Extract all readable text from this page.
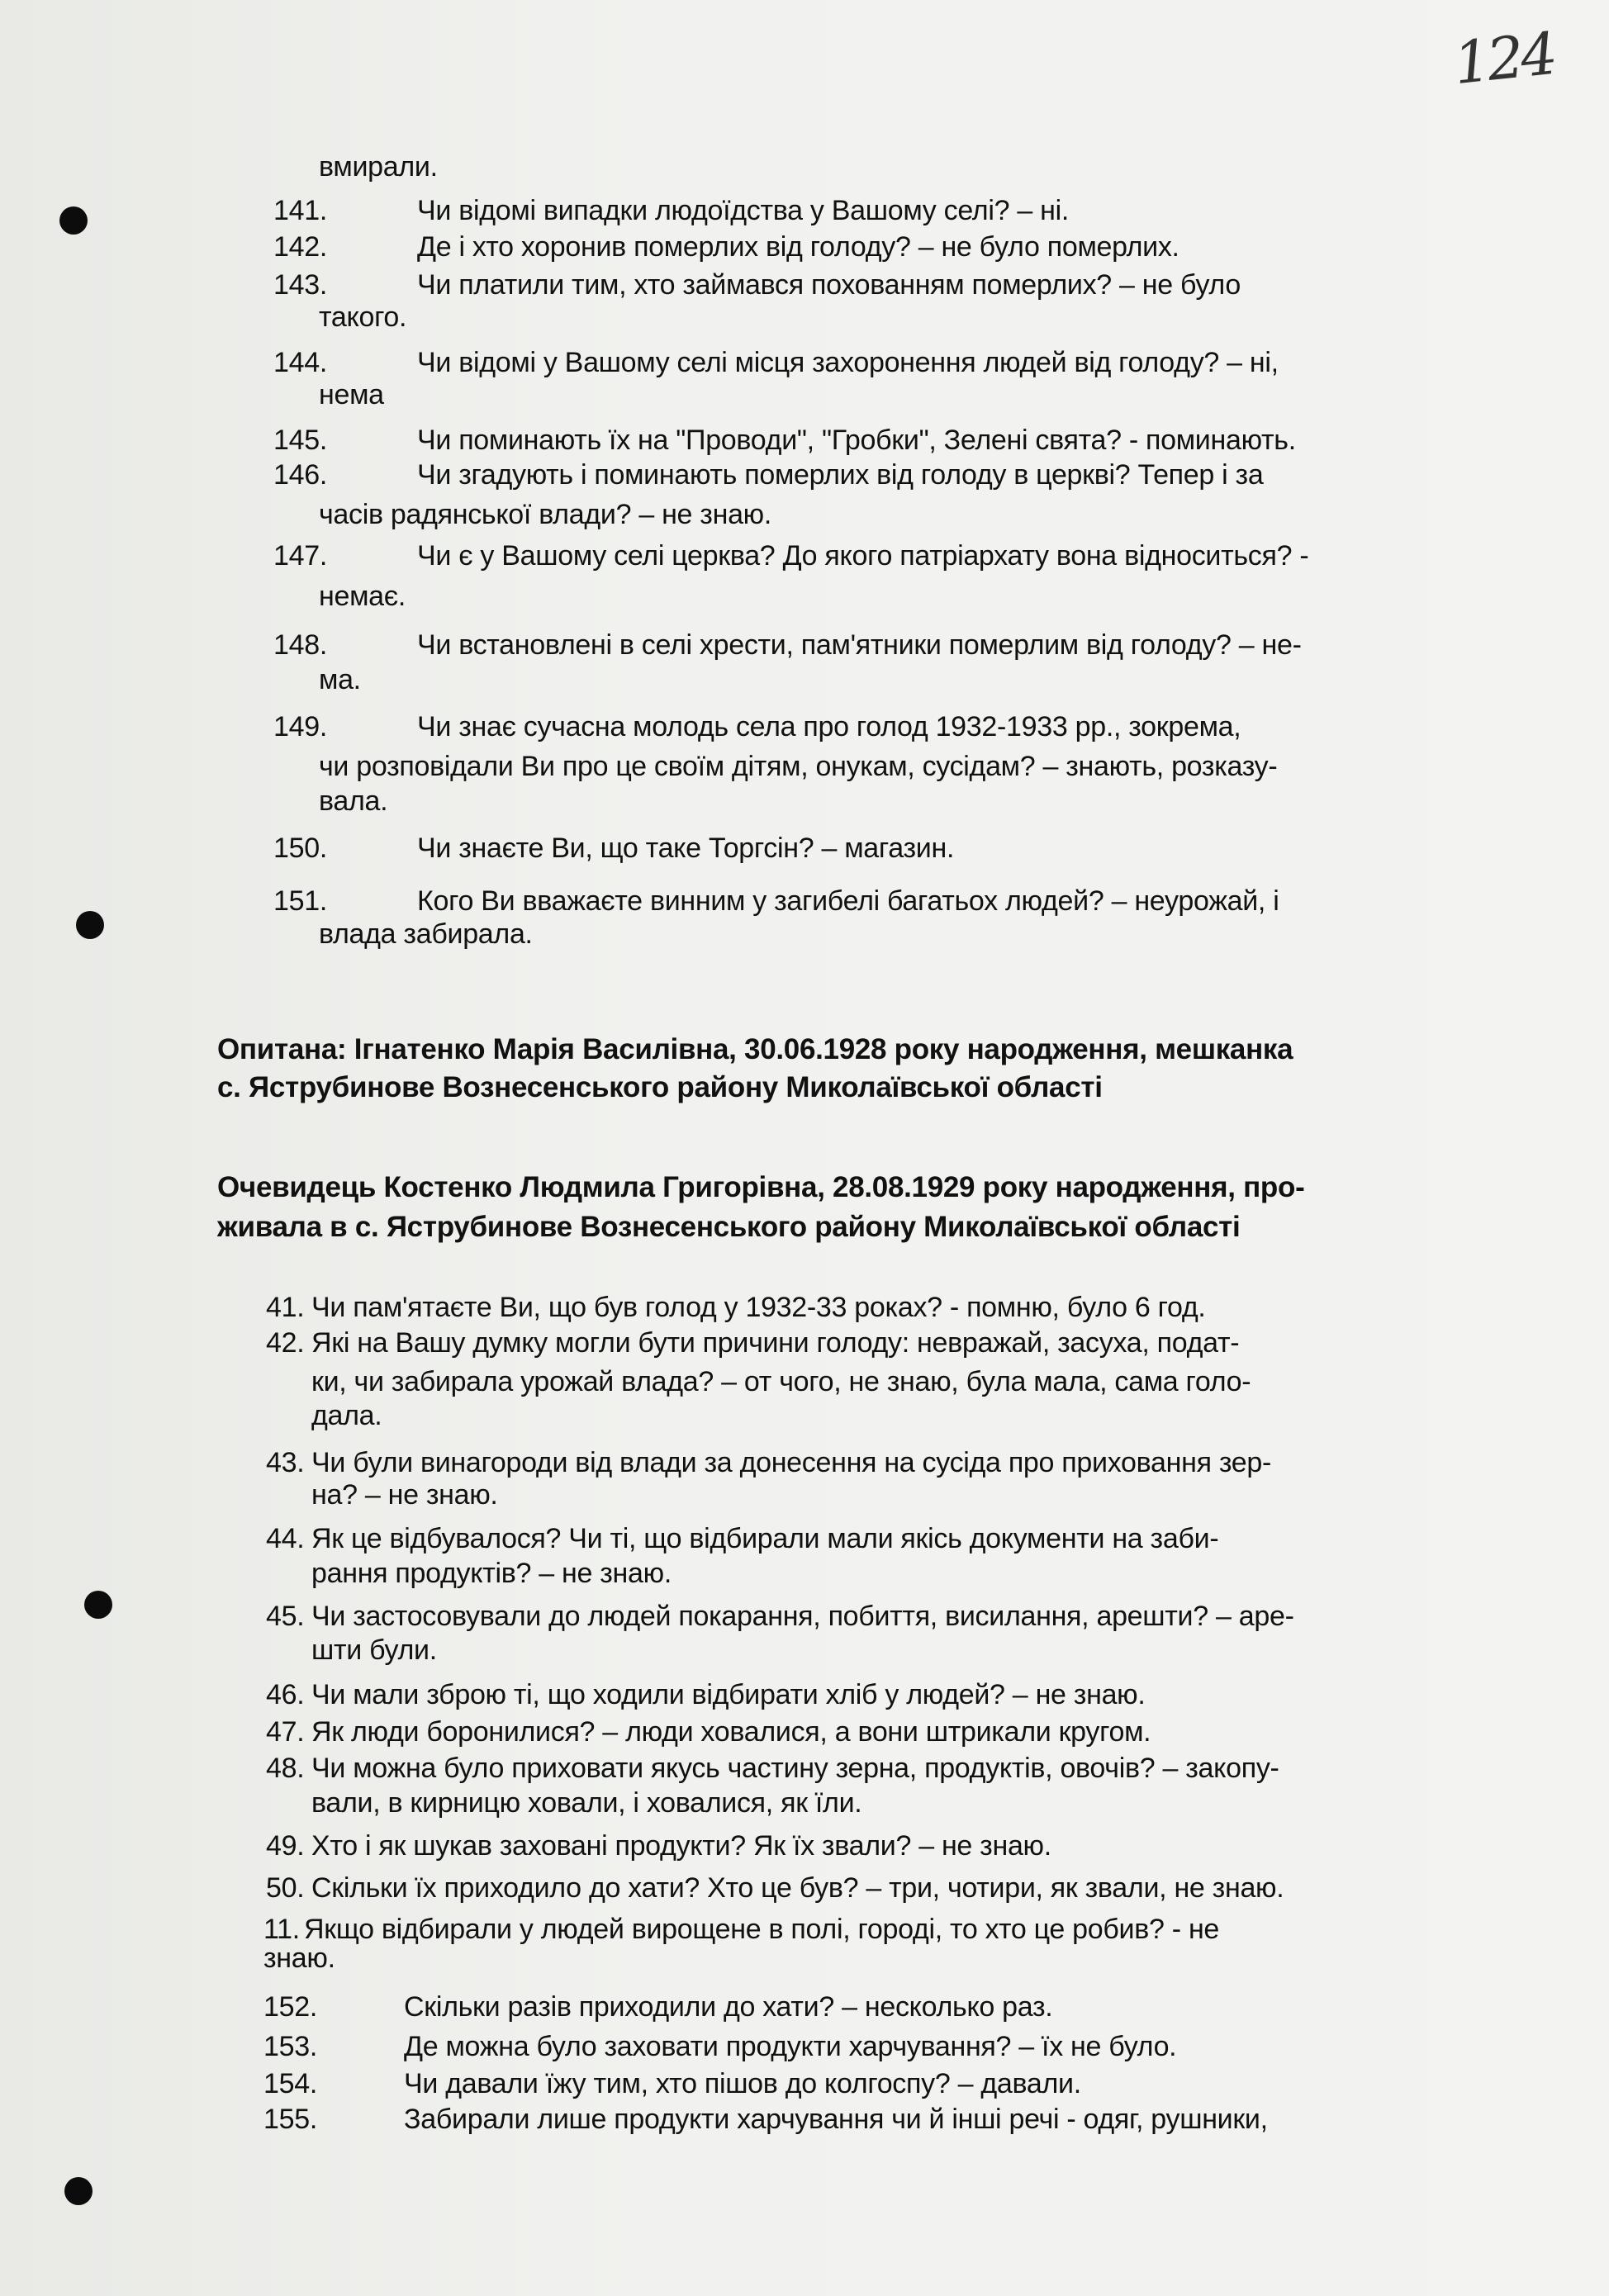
124
вмирали.
141.	Чи відомі випадки людоїдства у Вашому селі? – ні.
142.	Де і хто хоронив померлих від голоду? – не було померлих.
143.	Чи платили тим, хто займався похованням померлих? – не було
такого.
144.	Чи відомі у Вашому селі місця захоронення людей від голоду? – ні,
нема
145.	Чи поминають їх на "Проводи", "Гробки", Зелені свята? - поминають.
146.	Чи згадують і поминають померлих від голоду в церкві? Тепер і за
часів радянської влади? – не знаю.
147.	Чи є у Вашому селі церква? До якого патріархату вона відноситься? -
немає.
148.	Чи встановлені в селі хрести, пам'ятники померлим від голоду? – не-
ма.
149.	Чи знає сучасна молодь села про голод 1932-1933 рр., зокрема,
чи розповідали Ви про це своїм дітям, онукам, сусідам? – знають, розказу-
вала.
150.	Чи знаєте Ви, що таке Торгсін? – магазин.
151.	Кого Ви вважаєте винним у загибелі багатьох людей? – неурожай, і
влада забирала.
Опитана: Ігнатенко Марія Василівна, 30.06.1928 року народження, мешканка
с. Яструбинове Вознесенського району Миколаївської області
Очевидець Костенко Людмила Григорівна, 28.08.1929 року народження, про-
живала в с. Яструбинове Вознесенського району Миколаївської області
41. Чи пам'ятаєте Ви, що був голод у 1932-33 роках? - помню, було 6 год.
42. Які на Вашу думку могли бути причини голоду: невражай, засуха, подат-
ки, чи забирала урожай влада? – от чого, не знаю, була мала, сама голо-
дала.
43. Чи були винагороди від влади за донесення на сусіда про приховання зер-
на? – не знаю.
44. Як це відбувалося? Чи ті, що відбирали мали якісь документи на заби-
рання продуктів? – не знаю.
45. Чи застосовували до людей покарання, побиття, висилання, арешти? – аре-
шти були.
46. Чи мали зброю ті, що ходили відбирати хліб у людей? – не знаю.
47. Як люди боронилися? – люди ховалися, а вони штрикали кругом.
48. Чи можна було приховати якусь частину зерна, продуктів, овочів? – закопу-
вали, в кирницю ховали, і ховалися, як їли.
49. Хто і як шукав заховані продукти? Як їх звали? – не знаю.
50. Скільки їх приходило до хати? Хто це був? – три, чотири, як звали, не знаю.
11. Якщо відбирали у людей вирощене в полі, городі, то хто це робив? - не
знаю.
152.	Скільки разів приходили до хати? – несколько раз.
153.	Де можна було заховати продукти харчування? – їх не було.
154.	Чи давали їжу тим, хто пішов до колгоспу? – давали.
155.	Забирали лише продукти харчування чи й інші речі - одяг, рушники,
